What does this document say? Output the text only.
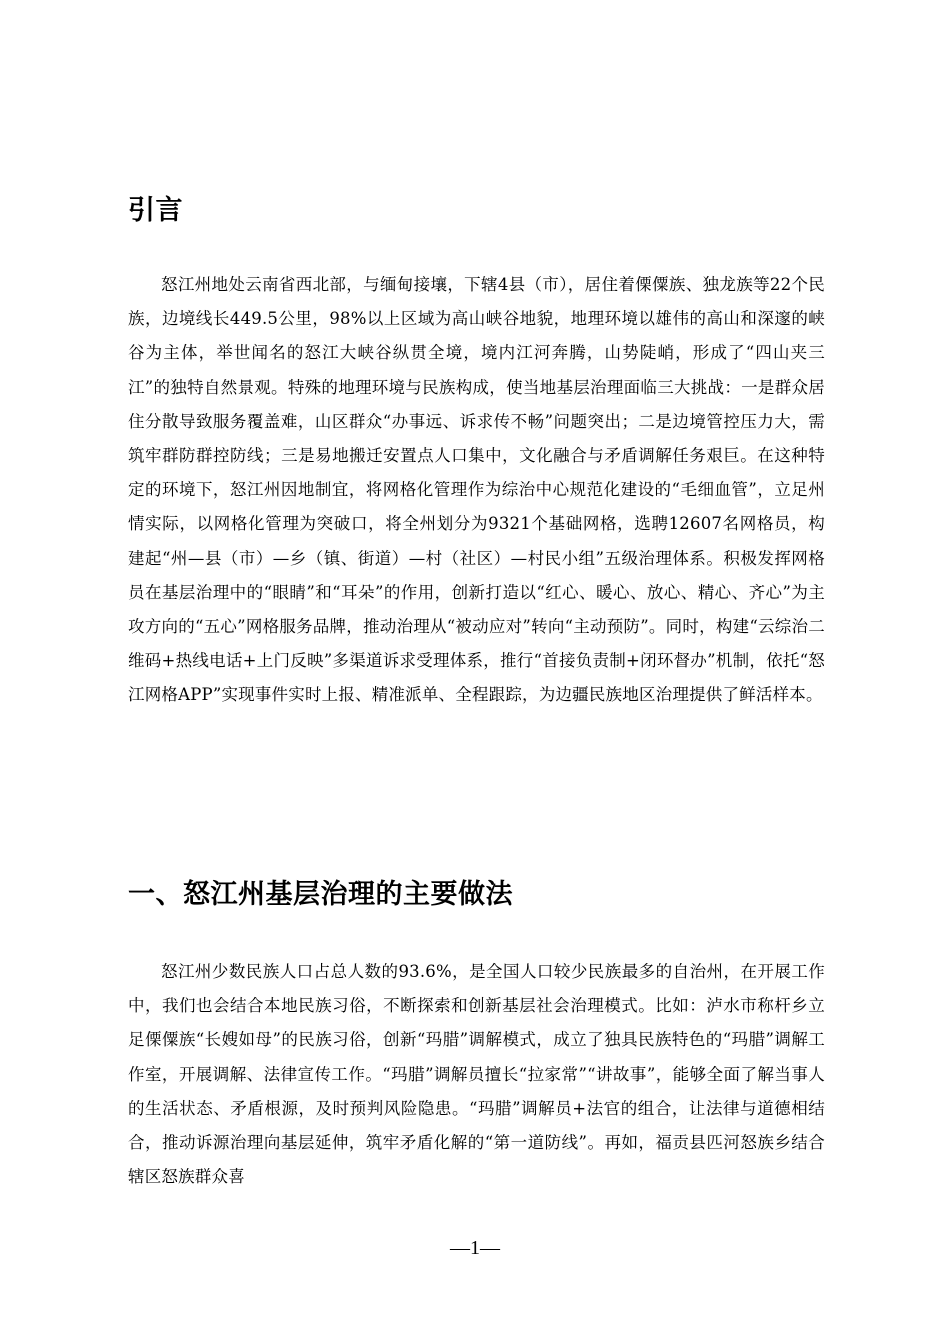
引言

怒江州地处云南省西北部，与缅甸接壤，下辖4县（市），居住着傈僳族、独龙族等22个民族，边境线长449.5公里，98%以上区域为高山峡谷地貌，地理环境以雄伟的高山和深邃的峡谷为主体，举世闻名的怒江大峡谷纵贯全境，境内江河奔腾，山势陡峭，形成了“四山夹三江”的独特自然景观。特殊的地理环境与民族构成，使当地基层治理面临三大挑战：一是群众居住分散导致服务覆盖难，山区群众“办事远、诉求传不畅”问题突出；二是边境管控压力大，需筑牢群防群控防线；三是易地搬迁安置点人口集中，文化融合与矛盾调解任务艰巨。在这种特定的环境下，怒江州因地制宜，将网格化管理作为综治中心规范化建设的“毛细血管”，立足州情实际，以网格化管理为突破口，将全州划分为9321个基础网格，选聘12607名网格员，构建起“州—县（市）—乡（镇、街道）—村（社区）—村民小组”五级治理体系。积极发挥网格员在基层治理中的“眼睛”和“耳朵”的作用，创新打造以“红心、暖心、放心、精心、齐心”为主攻方向的“五心”网格服务品牌，推动治理从“被动应对”转向“主动预防”。同时，构建“云综治二维码+热线电话+上门反映”多渠道诉求受理体系，推行“首接负责制+闭环督办”机制，依托“怒江网格APP”实现事件实时上报、精准派单、全程跟踪，为边疆民族地区治理提供了鲜活样本。

一、怒江州基层治理的主要做法

怒江州少数民族人口占总人数的93.6%，是全国人口较少民族最多的自治州，在开展工作中，我们也会结合本地民族习俗，不断探索和创新基层社会治理模式。比如：泸水市称杆乡立足傈僳族“长嫂如母”的民族习俗，创新“玛腊”调解模式，成立了独具民族特色的“玛腊”调解工作室，开展调解、法律宣传工作。“玛腊”调解员擅长“拉家常”“讲故事”，能够全面了解当事人的生活状态、矛盾根源，及时预判风险隐患。“玛腊”调解员+法官的组合，让法律与道德相结合，推动诉源治理向基层延伸，筑牢矛盾化解的“第一道防线”。再如，福贡县匹河怒族乡结合辖区怒族群众喜

—1—
